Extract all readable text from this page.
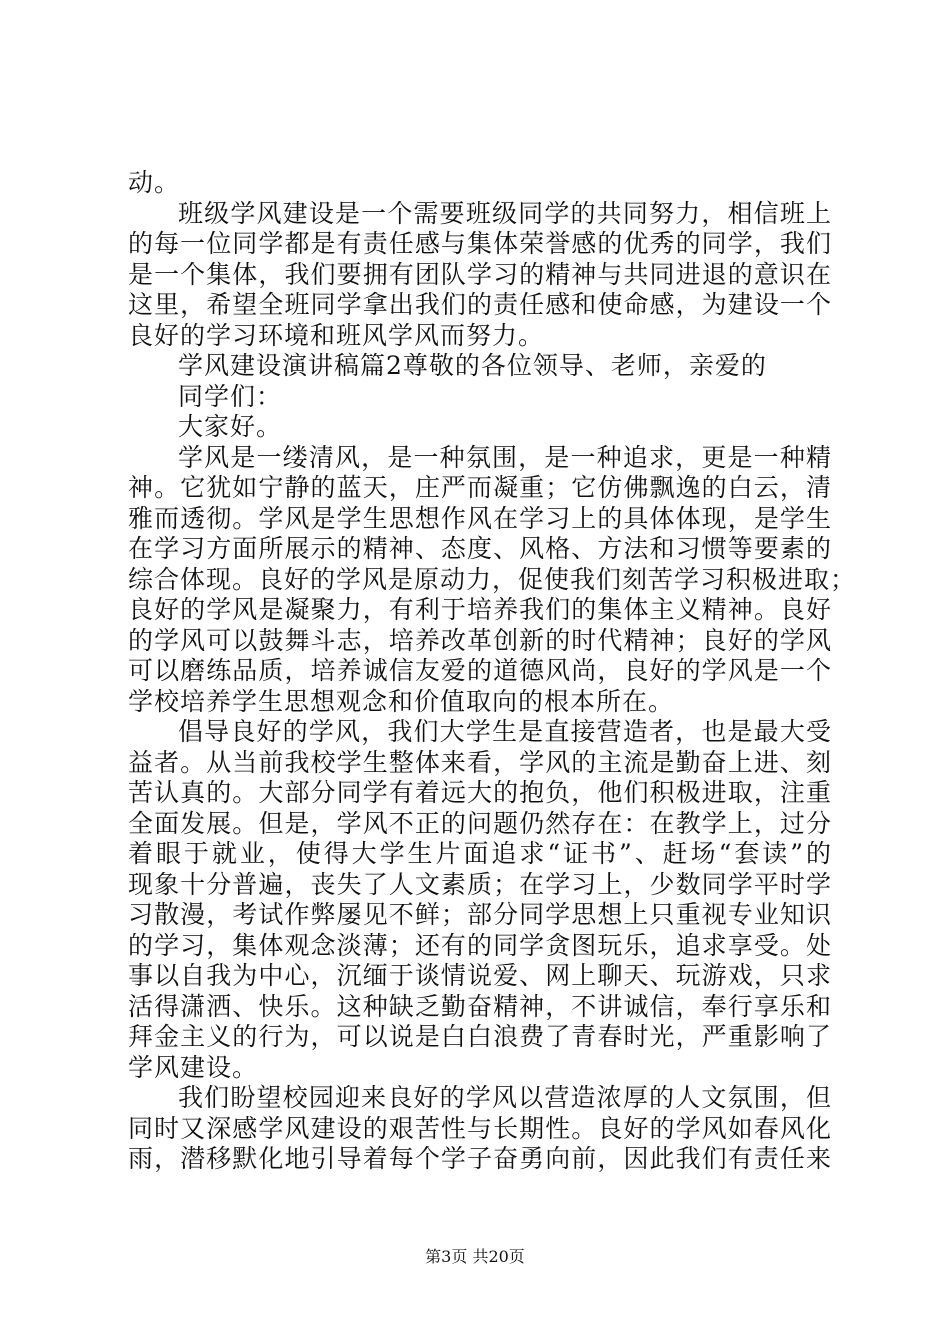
动。
班级学风建设是一个需要班级同学的共同努力，相信班上
的每一位同学都是有责任感与集体荣誉感的优秀的同学，我们
是一个集体，我们要拥有团队学习的精神与共同进退的意识在
这里，希望全班同学拿出我们的责任感和使命感，为建设一个
良好的学习环境和班风学风而努力。
学风建设演讲稿篇2尊敬的各位领导、老师，亲爱的
同学们：
大家好。
学风是一缕清风，是一种氛围，是一种追求，更是一种精
神。它犹如宁静的蓝天，庄严而凝重；它仿佛飘逸的白云，清
雅而透彻。学风是学生思想作风在学习上的具体体现，是学生
在学习方面所展示的精神、态度、风格、方法和习惯等要素的
综合体现。良好的学风是原动力，促使我们刻苦学习积极进取；
良好的学风是凝聚力，有利于培养我们的集体主义精神。良好
的学风可以鼓舞斗志，培养改革创新的时代精神；良好的学风
可以磨练品质，培养诚信友爱的道德风尚，良好的学风是一个
学校培养学生思想观念和价值取向的根本所在。
倡导良好的学风，我们大学生是直接营造者，也是最大受
益者。从当前我校学生整体来看，学风的主流是勤奋上进、刻
苦认真的。大部分同学有着远大的抱负，他们积极进取，注重
全面发展。但是，学风不正的问题仍然存在：在教学上，过分
着眼于就业，使得大学生片面追求“证书”、赶场“套读”的
现象十分普遍，丧失了人文素质；在学习上，少数同学平时学
习散漫，考试作弊屡见不鲜；部分同学思想上只重视专业知识
的学习，集体观念淡薄；还有的同学贪图玩乐，追求享受。处
事以自我为中心，沉缅于谈情说爱、网上聊天、玩游戏，只求
活得潇洒、快乐。这种缺乏勤奋精神，不讲诚信，奉行享乐和
拜金主义的行为，可以说是白白浪费了青春时光，严重影响了
学风建设。
我们盼望校园迎来良好的学风以营造浓厚的人文氛围，但
同时又深感学风建设的艰苦性与长期性。良好的学风如春风化
雨，潜移默化地引导着每个学子奋勇向前，因此我们有责任来
第3页 共20页
